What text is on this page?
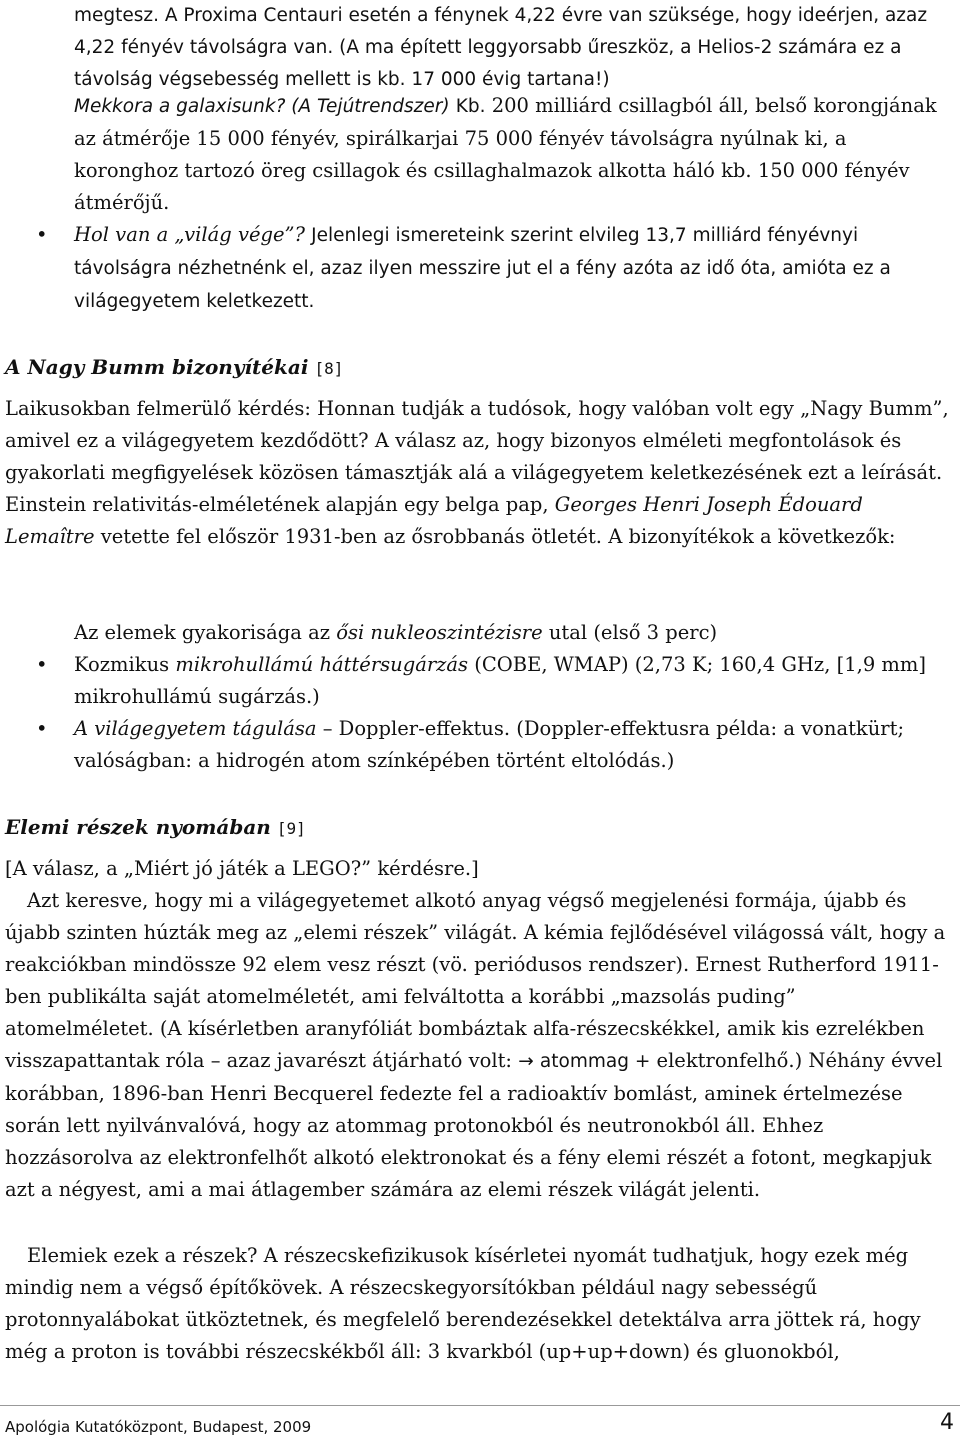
megtesz. A Proxima Centauri esetén a fénynek 4,22 évre van szüksége, hogy ideérjen, azaz 4,22 fényév távolságra van. (A ma épített leggyorsabb űreszköz, a Helios-2 számára ez a távolság végsebesség mellett is kb. 17 000 évig tartana!)
Mekkora a galaxisunk? (A Tejútrendszer) Kb. 200 milliárd csillagból áll, belső korongjának az átmérője 15 000 fényév, spirálkarjai 75 000 fényév távolságra nyúlnak ki, a koronghoz tartozó öreg csillagok és csillaghalmazok alkotta háló kb. 150 000 fényév átmérőjű.
• Hol van a „világ vége”? Jelenlegi ismereteink szerint elvileg 13,7 milliárd fényévnyi távolságra nézhetnénk el, azaz ilyen messzire jut el a fény azóta az idő óta, amióta ez a világegyetem keletkezett.
A Nagy Bumm bizonyítékai [8]

Laikusokban felmerülő kérdés: Honnan tudják a tudósok, hogy valóban volt egy „Nagy Bumm”, amivel ez a világegyetem kezdődött? A válasz az, hogy bizonyos elméleti megfontolások és gyakorlati megfigyelések közösen támasztják alá a világegyetem keletkezésének ezt a leírását. Einstein relativitás-elméletének alapján egy belga pap, Georges Henri Joseph Édouard Lemaître vetette fel először 1931-ben az ősrobbanás ötletét. A bizonyítékok a következők:

Az elemek gyakorisága az ősi nukleoszintézisre utal (első 3 perc)
• Kozmikus mikrohullámú háttérsugárzás (COBE, WMAP) (2,73 K; 160,4 GHz, [1,9 mm] mikrohullámú sugárzás.)
• A világegyetem tágulása – Doppler-effektus. (Doppler-effektusra példa: a vonatkürt; valóságban: a hidrogén atom színképében történt eltolódás.)
Elemi részek nyomában [9]

[A válasz, a „Miért jó játék a LEGO?” kérdésre.]

Azt keresve, hogy mi a világegyetemet alkotó anyag végső megjelenési formája, újabb és újabb szinten húzták meg az „elemi részek” világát. A kémia fejlődésével világossá vált, hogy a reakciókban mindössze 92 elem vesz részt (vö. periódusos rendszer). Ernest Rutherford 1911-ben publikálta saját atomelméletét, ami felváltotta a korábbi „mazsolás puding” atomelméletet. (A kísérletben aranyfóliát bombáztak alfa-részecskékkel, amik kis ezrelékben visszapattantak róla – azaz javarészt átjárható volt: → atommag + elektronfelhő.) Néhány évvel korábban, 1896-ban Henri Becquerel fedezte fel a radioaktív bomlást, aminek értelmezése során lett nyilvánvalóvá, hogy az atommag protonokból és neutronokból áll. Ehhez hozzásorolva az elektronfelhőt alkotó elektronokat és a fény elemi részét a fotont, megkapjuk azt a négyest, ami a mai átlagember számára az elemi részek világát jelenti.

Elemiek ezek a részek? A részecskefizikusok kísérletei nyomát tudhatjuk, hogy ezek még mindig nem a végső építőkövek. A részecskegyorsítókban például nagy sebességű protonnyalábokat ütköztetnek, és megfelelő berendezésekkel detektálva arra jöttek rá, hogy még a proton is további részecskékből áll: 3 kvarkból (up+up+down) és gluonokból,

Apológia Kutatóközpont, Budapest, 2009	4
